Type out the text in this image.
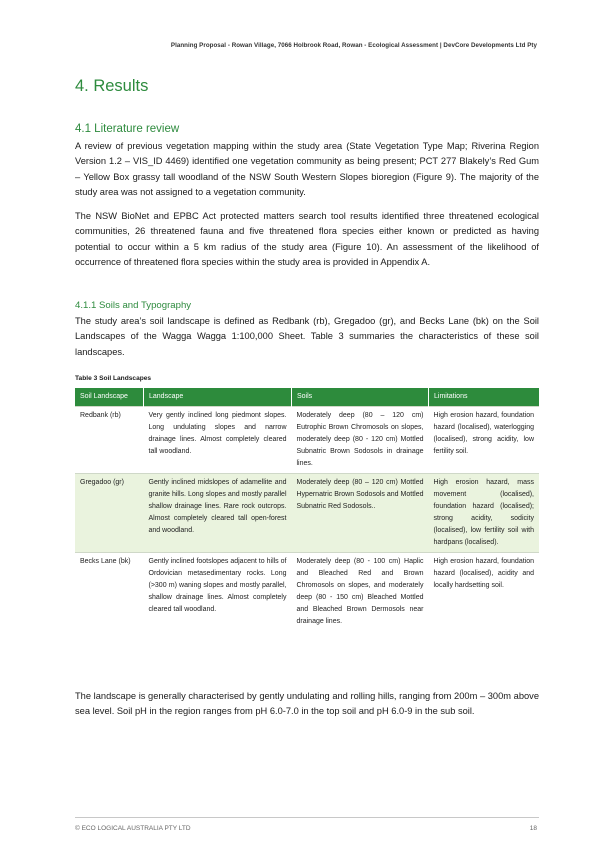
Planning Proposal - Rowan Village, 7066 Holbrook Road, Rowan - Ecological Assessment | DevCore Developments Ltd Pty
4. Results
4.1 Literature review

A review of previous vegetation mapping within the study area (State Vegetation Type Map; Riverina Region Version 1.2 – VIS_ID 4469) identified one vegetation community as being present; PCT 277 Blakely’s Red Gum – Yellow Box grassy tall woodland of the NSW South Western Slopes bioregion (Figure 9). The majority of the study area was not assigned to a vegetation community.

The NSW BioNet and EPBC Act protected matters search tool results identified three threatened ecological communities, 26 threatened fauna and five threatened flora species either known or predicted as having potential to occur within a 5 km radius of the study area (Figure 10). An assessment of the likelihood of occurrence of threatened flora species within the study area is provided in Appendix A.

4.1.1 Soils and Typography

The study area’s soil landscape is defined as Redbank (rb), Gregadoo (gr), and Becks Lane (bk) on the Soil Landscapes of the Wagga Wagga 1:100,000 Sheet. Table 3 summaries the characteristics of these soil landscapes.

Table 3 Soil Landscapes
Soil Landscape	Landscape	Soils	Limitations
Redbank (rb)	Very gently inclined long piedmont slopes. Long undulating slopes and narrow drainage lines. Almost completely cleared tall woodland.	Moderately deep (80 – 120 cm) Eutrophic Brown Chromosols on slopes, moderately deep (80 - 120 cm) Mottled Subnatric Brown Sodosols in drainage lines.	High erosion hazard, foundation hazard (localised), waterlogging (localised), strong acidity, low fertility soil.
Gregadoo (gr)	Gently inclined midslopes of adamellite and granite hills. Long slopes and mostly parallel shallow drainage lines. Rare rock outcrops. Almost completely cleared tall open-forest and woodland.	Moderately deep (80 – 120 cm) Mottled Hypernatric Brown Sodosols and Mottled Subnatric Red Sodosols..	High erosion hazard, mass movement (localised), foundation hazard (localised); strong acidity, sodicity (localised), low fertility soil with hardpans (localised).
Becks Lane (bk)	Gently inclined footslopes adjacent to hills of Ordovician metasedimentary rocks. Long (>300 m) waning slopes and mostly parallel, shallow drainage lines. Almost completely cleared tall woodland.	Moderately deep (80 - 100 cm) Haplic and Bleached Red and Brown Chromosols on slopes, and moderately deep (80 - 150 cm) Bleached Mottled and Bleached Brown Dermosols near drainage lines.	High erosion hazard, foundation hazard (localised), acidity and locally hardsetting soil.

The landscape is generally characterised by gently undulating and rolling hills, ranging from 200m – 300m above sea level. Soil pH in the region ranges from pH 6.0-7.0 in the top soil and pH 6.0-9 in the sub soil.

© ECO LOGICAL AUSTRALIA PTY LTD	18
